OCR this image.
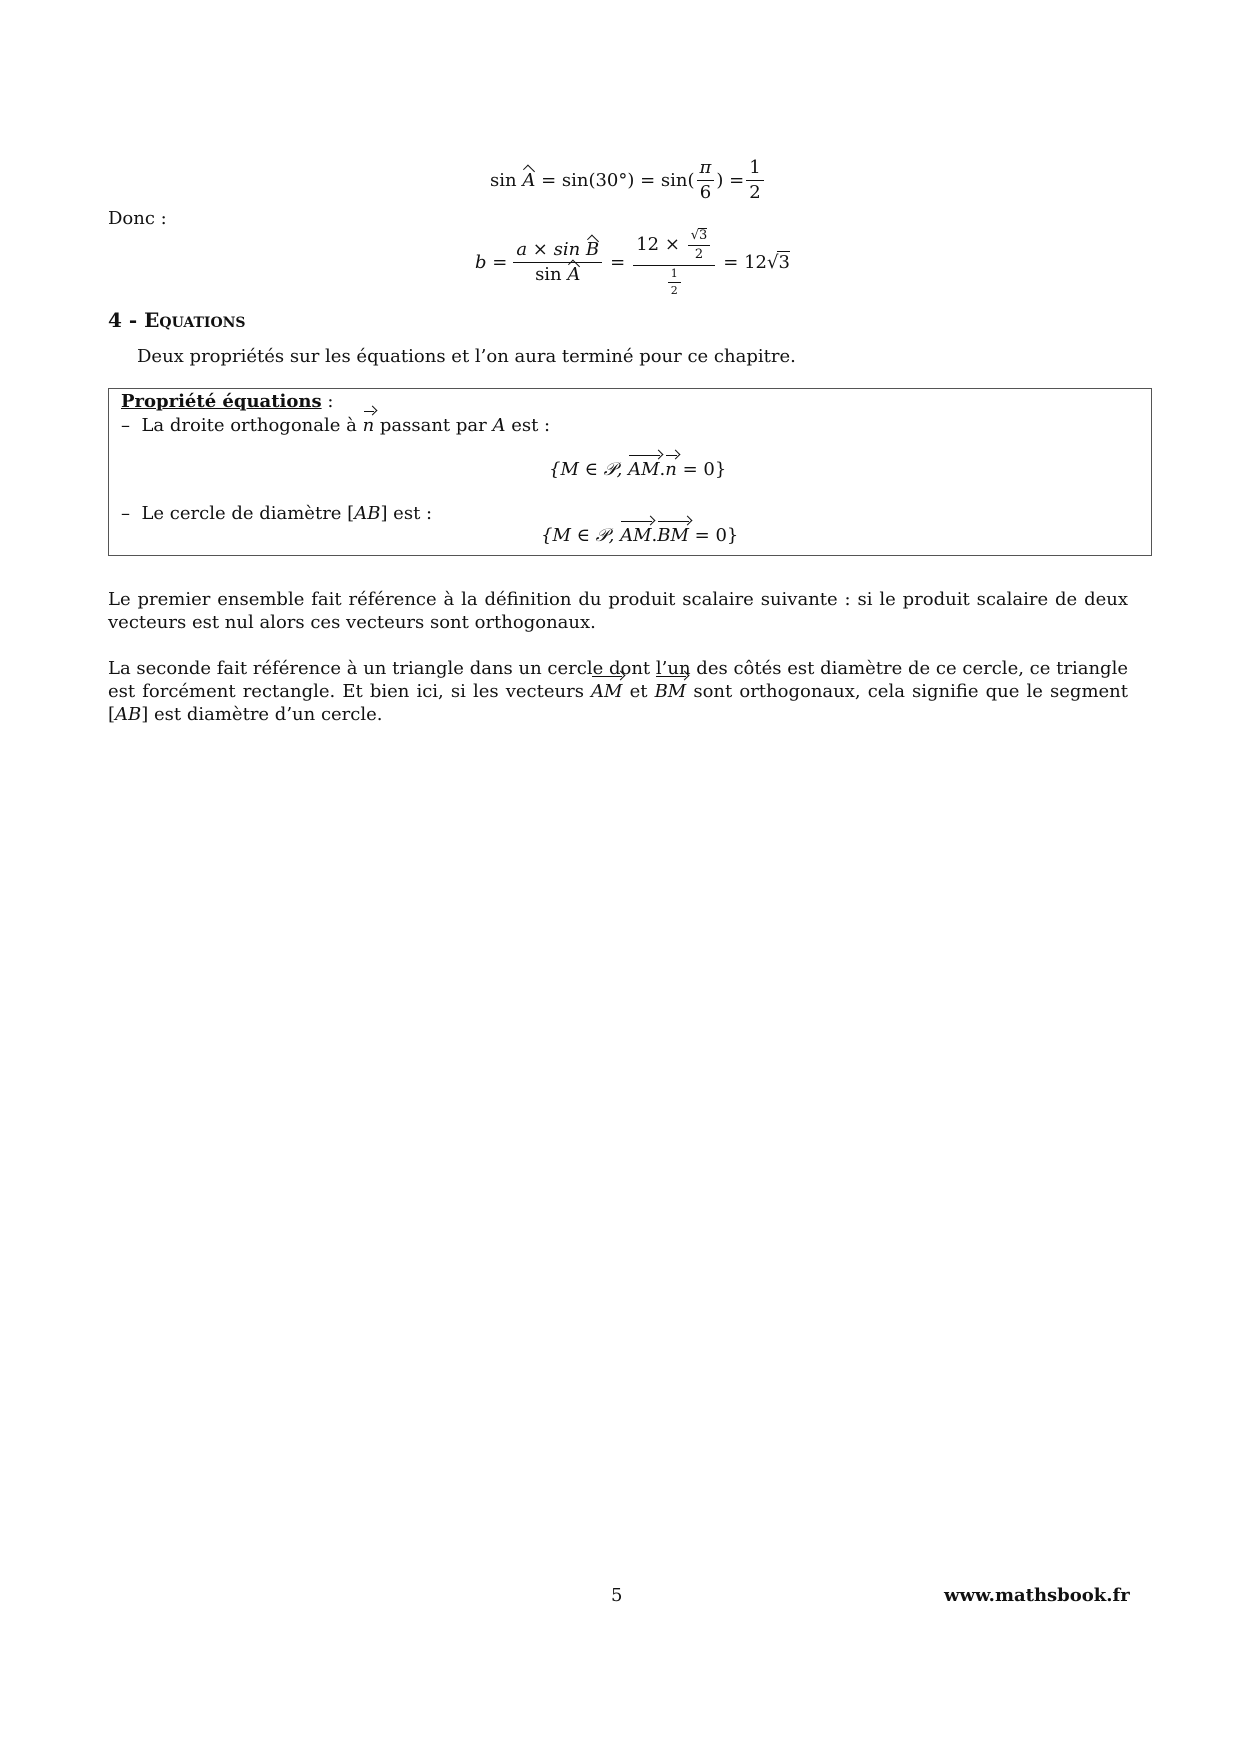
sin
A
= $\sin(30^\circ) = \sin( \frac{\pi}{6}$ ) = $\frac{1}{2}$
Donc :
$b = \frac{\text{a × sin B}}{\text{sin A}} = 12$ ×
$\frac{√3}{2}$
$\frac{1}{2} = 12√3$
4 - Equations
Deux propriétés sur les équations et l’on aura terminé pour ce chapitre.
Propriété équations :
– La droite orthogonale à n passant par A est :
{M ∈ 𝒫, AM.n = 0}
– Le cercle de diamètre [AB] est :
{M ∈ 𝒫, AM.BM = 0}
Le premier ensemble fait référence à la définition du produit scalaire suivante : si le produit scalaire de deux vecteurs est nul alors ces vecteurs sont orthogonaux.
La seconde fait référence à un triangle dans un cercle dont l’un des côtés est diamètre de ce cercle, ce triangle est forcément rectangle. Et bien ici, si les vecteurs AM et BM sont orthogonaux, cela signifie que le segment [AB] est diamètre d’un cercle.
5	www.mathsbook.fr
